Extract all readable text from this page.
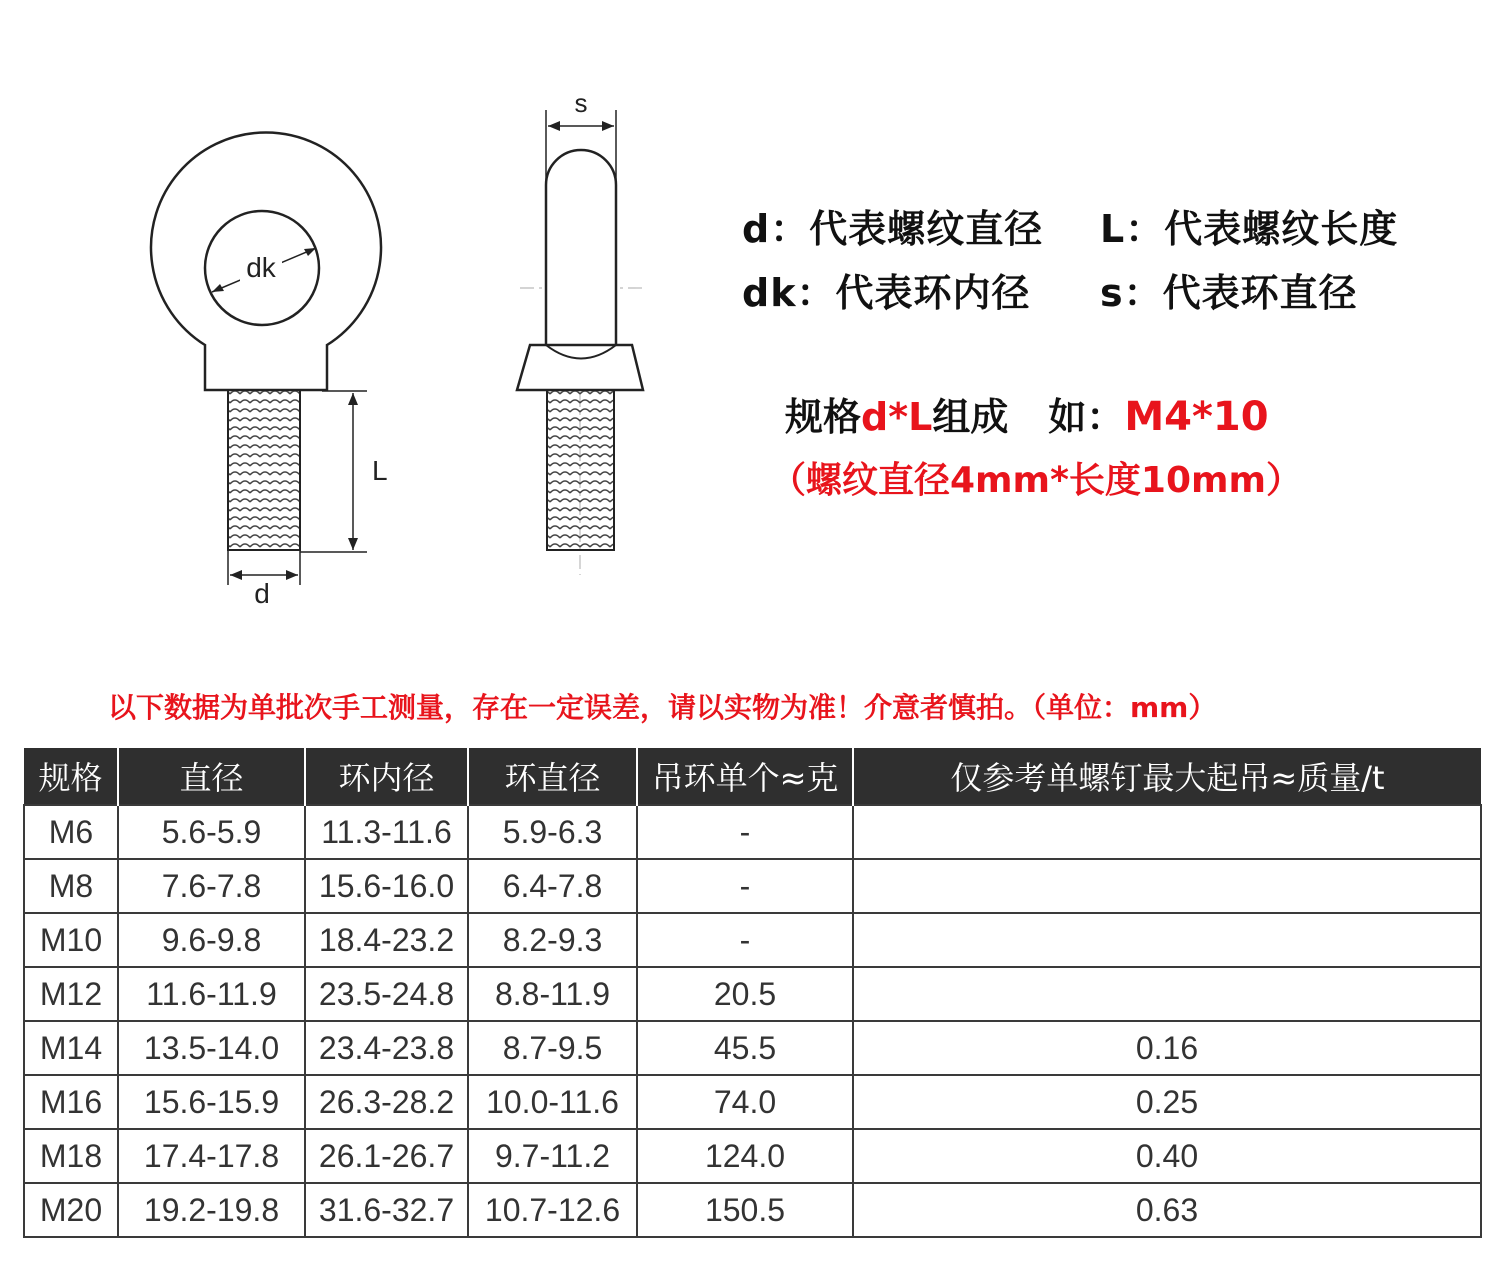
dk
L
d
s
d：代表螺纹直径 L：代表螺纹长度
dk：代表环内径 s：代表环直径
规格d*L组成 如：M4*10
（螺纹直径4mm*长度10mm）
以下数据为单批次手工测量，存在一定误差，请以实物为准！介意者慎拍。（单位：mm）
规格	直径	环内径	环直径	吊环单个≈克	仅参考单螺钉最大起吊≈质量/t
M6	5.6-5.9	11.3-11.6	5.9-6.3	-	
M8	7.6-7.8	15.6-16.0	6.4-7.8	-	
M10	9.6-9.8	18.4-23.2	8.2-9.3	-	
M12	11.6-11.9	23.5-24.8	8.8-11.9	20.5	
M14	13.5-14.0	23.4-23.8	8.7-9.5	45.5	0.16
M16	15.6-15.9	26.3-28.2	10.0-11.6	74.0	0.25
M18	17.4-17.8	26.1-26.7	9.7-11.2	124.0	0.40
M20	19.2-19.8	31.6-32.7	10.7-12.6	150.5	0.63
